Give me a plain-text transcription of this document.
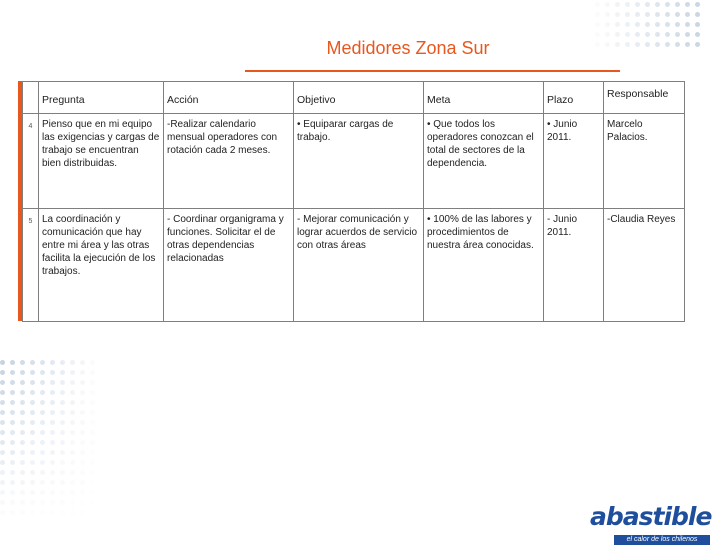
Medidores Zona Sur
	Pregunta	Acción	Objetivo	Meta	Plazo	Responsable
4	Pienso que en mi equipo las exigencias y cargas de trabajo se encuentran bien distribuidas.	-Realizar calendario mensual operadores con rotación cada 2 meses.	• Equiparar cargas de trabajo.	• Que todos los operadores conozcan el total de sectores de la dependencia.	• Junio 2011.	Marcelo Palacios.
5	La coordinación y comunicación que hay entre mi área y las otras facilita la ejecución de los trabajos.	- Coordinar organigrama y funciones. Solicitar el de otras dependencias relacionadas	- Mejorar comunicación y lograr acuerdos de servicio con otras áreas	• 100% de las labores y procedimientos de nuestra área conocidas.	- Junio 2011.	-Claudia Reyes
abastible
el calor de los chilenos
